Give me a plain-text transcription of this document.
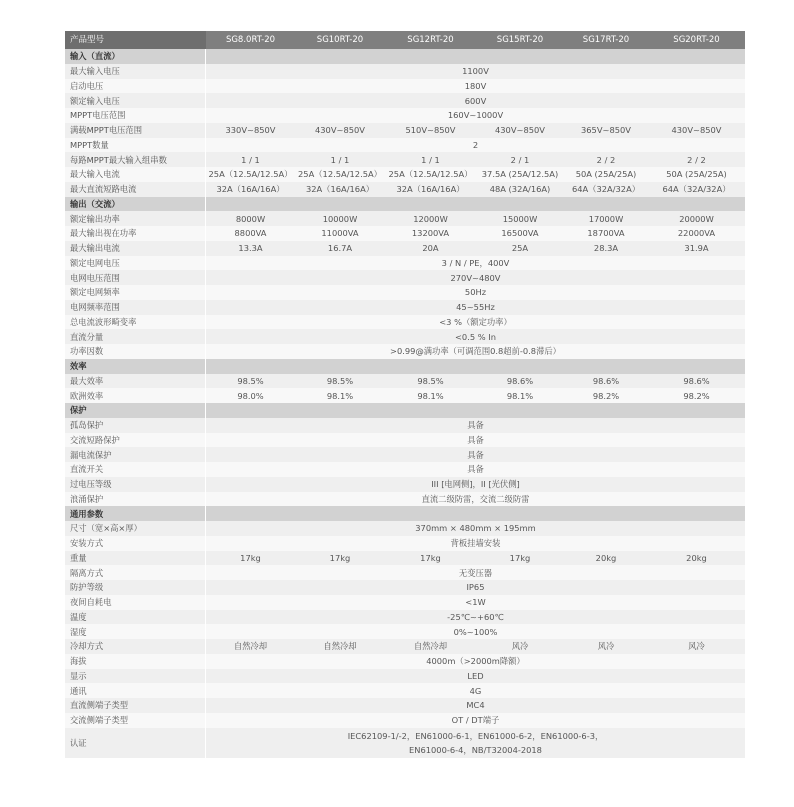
产品型号	SG8.0RT-20	SG10RT-20	SG12RT-20	SG15RT-20	SG17RT-20	SG20RT-20
输入（直流）						
最大输入电压	1100V					
启动电压	180V					
额定输入电压	600V					
MPPT电压范围	160V~1000V					
满载MPPT电压范围	330V~850V	430V~850V	510V~850V	430V~850V	365V~850V	430V~850V
MPPT数量	2					
每路MPPT最大输入组串数	1 / 1	1 / 1	1 / 1	2 / 1	2 / 2	2 / 2
最大输入电流	25A（12.5A/12.5A）	25A（12.5A/12.5A）	25A（12.5A/12.5A）	37.5A (25A/12.5A)	50A (25A/25A)	50A (25A/25A)
最大直流短路电流	32A（16A/16A）	32A（16A/16A）	32A（16A/16A）	48A (32A/16A)	64A（32A/32A）	64A（32A/32A）
输出（交流）						
额定输出功率	8000W	10000W	12000W	15000W	17000W	20000W
最大输出视在功率	8800VA	11000VA	13200VA	16500VA	18700VA	22000VA
最大输出电流	13.3A	16.7A	20A	25A	28.3A	31.9A
额定电网电压	3 / N / PE，400V					
电网电压范围	270V~480V					
额定电网频率	50Hz					
电网频率范围	45~55Hz					
总电流波形畸变率	<3 %（额定功率）					
直流分量	<0.5 % In					
功率因数	>0.99@满功率（可调范围0.8超前-0.8滞后）					
效率						
最大效率	98.5%	98.5%	98.5%	98.6%	98.6%	98.6%
欧洲效率	98.0%	98.1%	98.1%	98.1%	98.2%	98.2%
保护						
孤岛保护	具备					
交流短路保护	具备					
漏电流保护	具备					
直流开关	具备					
过电压等级	III [电网侧]，II [光伏侧]					
浪涌保护	直流二级防雷，交流二级防雷					
通用参数						
尺寸（宽×高×厚）	370mm × 480mm × 195mm					
安装方式	背板挂墙安装					
重量	17kg	17kg	17kg	17kg	20kg	20kg
隔离方式	无变压器					
防护等级	IP65					
夜间自耗电	<1W					
温度	-25℃~+60℃					
湿度	0%~100%					
冷却方式	自然冷却	自然冷却	自然冷却	风冷	风冷	风冷
海拔	4000m（>2000m降额）					
显示	LED					
通讯	4G					
直流侧端子类型	MC4					
交流侧端子类型	OT / DT端子					
认证	IEC62109-1/-2，EN61000-6-1，EN61000-6-2，EN61000-6-3，
EN61000-6-4，NB/T32004-2018					
